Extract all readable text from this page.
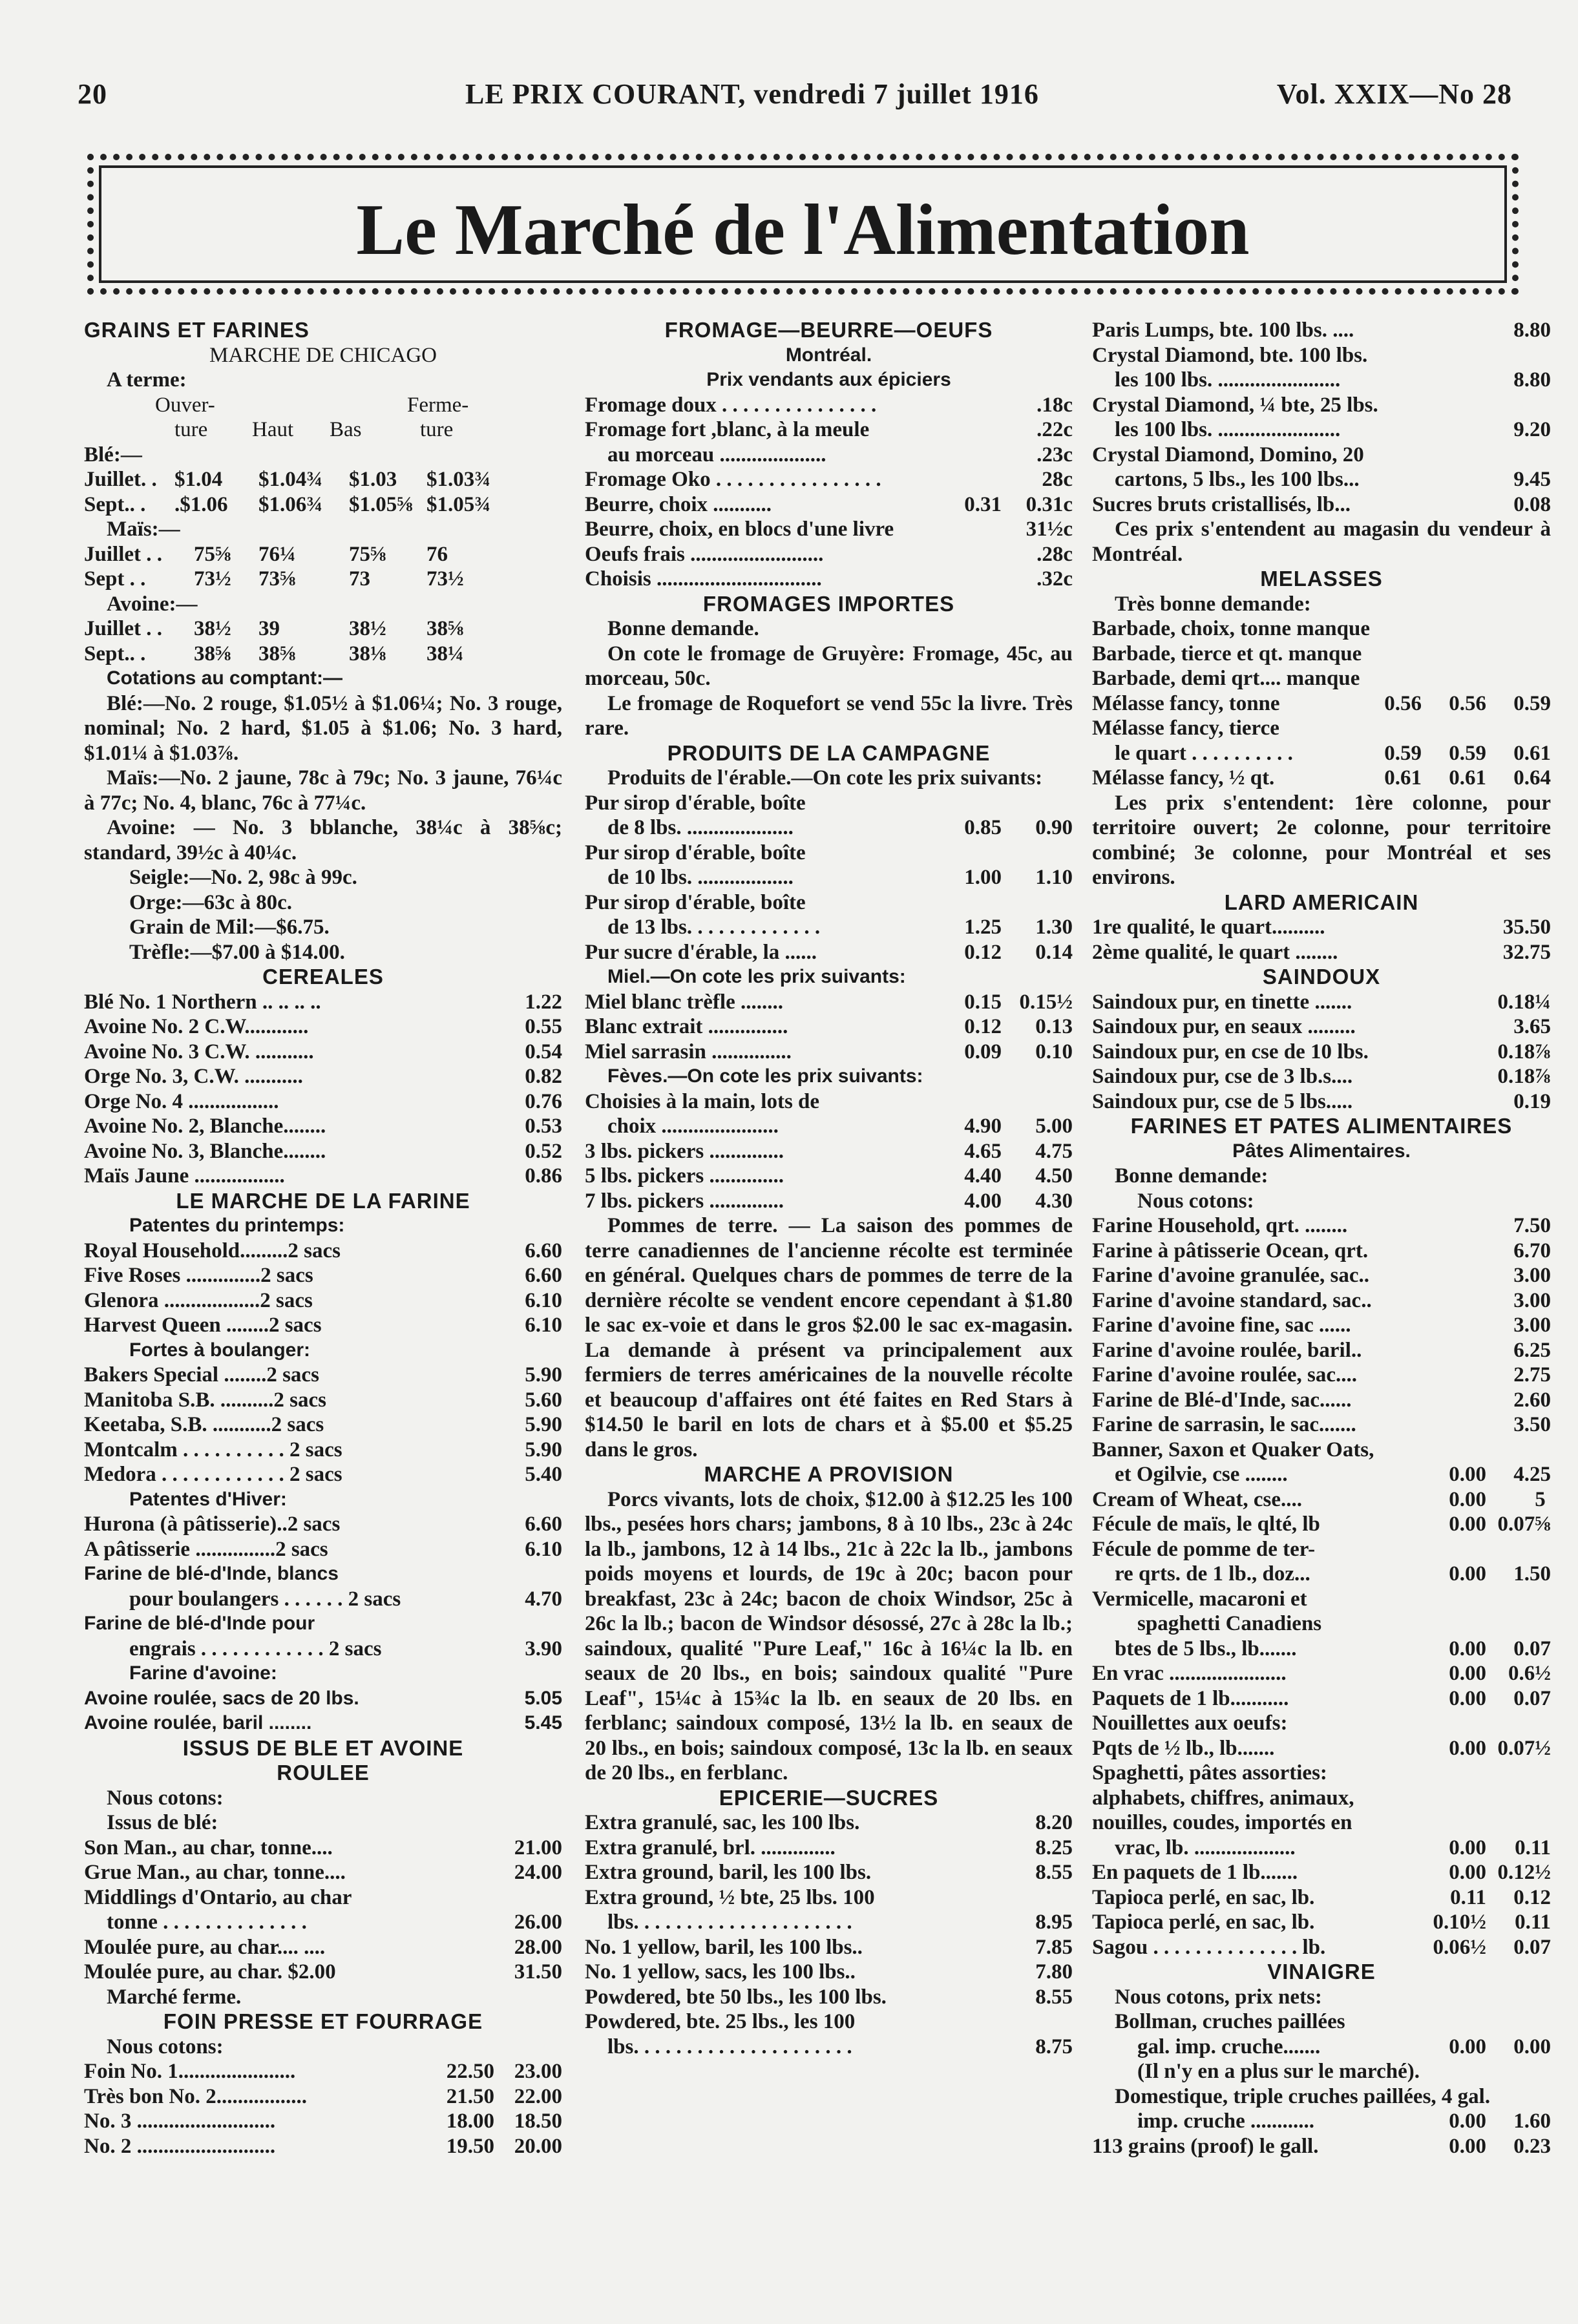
20	LE PRIX COURANT, vendredi 7 juillet 1916	Vol. XXIX—No 28
Le Marché de l'Alimentation

GRAINS ET FARINES

MARCHE DE CHICAGO

A terme:

Ouver-	Ferme-
ture	Haut	Bas	ture

Blé:—

Juillet. . $1.04	$1.04¾	$1.03	$1.03¾
Sept.. .	.$1.06	$1.06¾	$1.05⅝ $1.05¾

Maïs:—

Juillet . .	75⅝	76¼	75⅝	76
Sept . .	73½	73⅝	73	73½

Avoine:—

Juillet . .	38½	39	38½	38⅝
Sept.. .	38⅝	38⅝	38⅛	38¼

Cotations au comptant:—

Blé:—No. 2 rouge, $1.05½ à $1.06¼; No. 3 rouge, nominal; No. 2 hard, $1.05 à $1.06; No. 3 hard, $1.01¼ à $1.03⅞.

Maïs:—No. 2 jaune, 78c à 79c; No. 3 jaune, 76¼c à 77c; No. 4, blanc, 76c à 77¼c.

Avoine: — No. 3 bblanche, 38¼c à 38⅝c; standard, 39½c à 40¼c.

Seigle:—No. 2, 98c à 99c.

Orge:—63c à 80c.

Grain de Mil:—$6.75.

Trèfle:—$7.00 à $14.00.

CEREALES

Blé No. 1 Northern .. .. .. ..	1.22
Avoine No. 2 C.W............	0.55
Avoine No. 3 C.W. ...........	0.54
Orge No. 3, C.W. ...........	0.82
Orge No. 4 .................	0.76
Avoine No. 2, Blanche........	0.53
Avoine No. 3, Blanche........	0.52
Maïs Jaune .................	0.86

LE MARCHE DE LA FARINE

Patentes du printemps:

Royal Household.........2 sacs	6.60
Five Roses ..............2 sacs	6.60
Glenora ..................2 sacs	6.10
Harvest Queen ........2 sacs	6.10

Fortes à boulanger:

Bakers Special ........2 sacs	5.90
Manitoba S.B. ..........2 sacs	5.60
Keetaba, S.B. ...........2 sacs	5.90
Montcalm . . . . . . . . . . 2 sacs	5.90
Medora . . . . . . . . . . . . 2 sacs	5.40

Patentes d'Hiver:

Hurona (à pâtisserie)..2 sacs	6.60
A pâtisserie ...............2 sacs	6.10

Farine de blé-d'Inde, blancs

pour boulangers . . . . . . 2 sacs	4.70

Farine de blé-d'Inde pour

engrais . . . . . . . . . . . . 2 sacs	3.90

Farine d'avoine:

Avoine roulée, sacs de 20 lbs.	5.05
Avoine roulée, baril ........	5.45

ISSUS DE BLE ET AVOINE

ROULEE

Nous cotons:

Issus de blé:

Son Man., au char, tonne....	21.00
Grue Man., au char, tonne....	24.00

Middlings d'Ontario, au char

tonne . . . . . . . . . . . . . .	26.00
Moulée pure, au char.... ....	28.00
Moulée pure, au char. $2.00	31.50

Marché ferme.

FOIN PRESSE ET FOURRAGE

Nous cotons:

Foin No. 1......................	22.50 23.00
Très bon No. 2.................	21.50 22.00
No. 3 ..........................	18.00 18.50
No. 2 ..........................	19.50 20.00

FROMAGE—BEURRE—OEUFS

Montréal.

Prix vendants aux épiciers

Fromage doux . . . . . . . . . . . . . . .	.18c
Fromage fort ,blanc, à la meule	.22c
au morceau ....................	.23c
Fromage Oko . . . . . . . . . . . . . . . .	28c
Beurre, choix ...........	0.31	0.31c
Beurre, choix, en blocs d'une livre	31½c
Oeufs frais .........................	.28c
Choisis ...............................	.32c

FROMAGES IMPORTES

Bonne demande.

On cote le fromage de Gruyère: Fromage, 45c, au morceau, 50c.

Le fromage de Roquefort se vend 55c la livre. Très rare.

PRODUITS DE LA CAMPAGNE

Produits de l'érable.—On cote les prix suivants:

Pur sirop d'érable, boîte

de 8 lbs. ....................	0.85	0.90

Pur sirop d'érable, boîte

de 10 lbs. ..................	1.00	1.10

Pur sirop d'érable, boîte

de 13 lbs. . . . . . . . . . . . .	1.25	1.30
Pur sucre d'érable, la ......	0.12	0.14

Miel.—On cote les prix suivants:

Miel blanc trèfle ........	0.15 0.15½
Blanc extrait ...............	0.12	0.13
Miel sarrasin ...............	0.09	0.10

Fèves.—On cote les prix suivants:

Choisies à la main, lots de

choix ......................	4.90	5.00
3 lbs. pickers ..............	4.65	4.75
5 lbs. pickers ..............	4.40	4.50
7 lbs. pickers ..............	4.00	4.30

Pommes de terre. — La saison des pommes de terre canadiennes de l'ancienne récolte est terminée en général. Quelques chars de pommes de terre de la dernière récolte se vendent encore cependant à $1.80 le sac ex-voie et dans le gros $2.00 le sac ex-magasin. La demande à présent va principalement aux fermiers de terres américaines de la nouvelle récolte et beaucoup d'affaires ont été faites en Red Stars à $14.50 le baril en lots de chars et à $5.00 et $5.25 dans le gros.

MARCHE A PROVISION

Porcs vivants, lots de choix, $12.00 à $12.25 les 100 lbs., pesées hors chars; jambons, 8 à 10 lbs., 23c à 24c la lb., jambons, 12 à 14 lbs., 21c à 22c la lb., jambons poids moyens et lourds, de 19c à 20c; bacon pour breakfast, 23c à 24c; bacon de choix Windsor, 25c à 26c la lb.; bacon de Windsor désossé, 27c à 28c la lb.; saindoux, qualité "Pure Leaf," 16c à 16¼c la lb. en seaux de 20 lbs., en bois; saindoux qualité "Pure Leaf", 15¼c à 15¾c la lb. en seaux de 20 lbs. en ferblanc; saindoux composé, 13½ la lb. en seaux de 20 lbs., en bois; saindoux composé, 13c la lb. en seaux de 20 lbs., en ferblanc.

EPICERIE—SUCRES

Extra granulé, sac, les 100 lbs.	8.20
Extra granulé, brl. ..............	8.25
Extra ground, baril, les 100 lbs.	8.55

Extra ground, ½ bte, 25 lbs. 100

lbs. . . . . . . . . . . . . . . . . . . . .	8.95
No. 1 yellow, baril, les 100 lbs..	7.85
No. 1 yellow, sacs, les 100 lbs..	7.80
Powdered, bte 50 lbs., les 100 lbs.	8.55

Powdered, bte. 25 lbs., les 100

lbs. . . . . . . . . . . . . . . . . . . . .	8.75
Paris Lumps, bte. 100 lbs. ....	8.80

Crystal Diamond, bte. 100 lbs.

les 100 lbs. .......................	8.80

Crystal Diamond, ¼ bte, 25 lbs.

les 100 lbs. .......................	9.20

Crystal Diamond, Domino, 20

cartons, 5 lbs., les 100 lbs...	9.45
Sucres bruts cristallisés, lb...	0.08

Ces prix s'entendent au magasin du vendeur à Montréal.

MELASSES

Très bonne demande:

Barbade, choix, tonne manque

Barbade, tierce et qt. manque

Barbade, demi qrt.... manque

Mélasse fancy, tonne	0.56	0.56	0.59

Mélasse fancy, tierce

le quart . . . . . . . . . .	0.59	0.59	0.61
Mélasse fancy, ½ qt.	0.61	0.61	0.64

Les prix s'entendent: 1ère colonne, pour territoire ouvert; 2e colonne, pour territoire combiné; 3e colonne, pour Montréal et ses environs.

LARD AMERICAIN

1re qualité, le quart..........	35.50
2ème qualité, le quart ........	32.75

SAINDOUX

Saindoux pur, en tinette .......	0.18¼
Saindoux pur, en seaux .........	3.65
Saindoux pur, en cse de 10 lbs.	0.18⅞
Saindoux pur, cse de 3 lb.s....	0.18⅞
Saindoux pur, cse de 5 lbs.....	0.19

FARINES ET PATES ALIMENTAIRES

Pâtes Alimentaires.

Bonne demande:

Nous cotons:

Farine Household, qrt. ........	7.50
Farine à pâtisserie Ocean, qrt.	6.70
Farine d'avoine granulée, sac..	3.00
Farine d'avoine standard, sac..	3.00
Farine d'avoine fine, sac ......	3.00
Farine d'avoine roulée, baril..	6.25
Farine d'avoine roulée, sac....	2.75
Farine de Blé-d'Inde, sac......	2.60
Farine de sarrasin, le sac.......	3.50

Banner, Saxon et Quaker Oats,

et Ogilvie, cse ........	0.00	4.25
Cream of Wheat, cse....	0.00	5
Fécule de maïs, le qlté, lb	0.00 0.07⅝

Fécule de pomme de ter-

re qrts. de 1 lb., doz...	0.00	1.50

Vermicelle, macaroni et

spaghetti Canadiens

btes de 5 lbs., lb.......	0.00	0.07
En vrac ......................	0.00	0.6½
Paquets de 1 lb...........	0.00	0.07

Nouillettes aux oeufs:

Pqts de ½ lb., lb.......	0.00 0.07½

Spaghetti, pâtes assorties: alphabets, chiffres, animaux, nouilles, coudes, importés en

vrac, lb. ...................	0.00	0.11
En paquets de 1 lb.......	0.00 0.12½
Tapioca perlé, en sac, lb.	0.11	0.12
Tapioca perlé, en sac, lb.	0.10½	0.11
Sagou . . . . . . . . . . . . . . lb.	0.06½	0.07

VINAIGRE

Nous cotons, prix nets:

Bollman, cruches paillées

gal. imp. cruche.......	0.00	0.00

(Il n'y en a plus sur le marché).

Domestique, triple cruches paillées, 4 gal.

imp. cruche ............	0.00	1.60
113 grains (proof) le gall.	0.00	0.23
